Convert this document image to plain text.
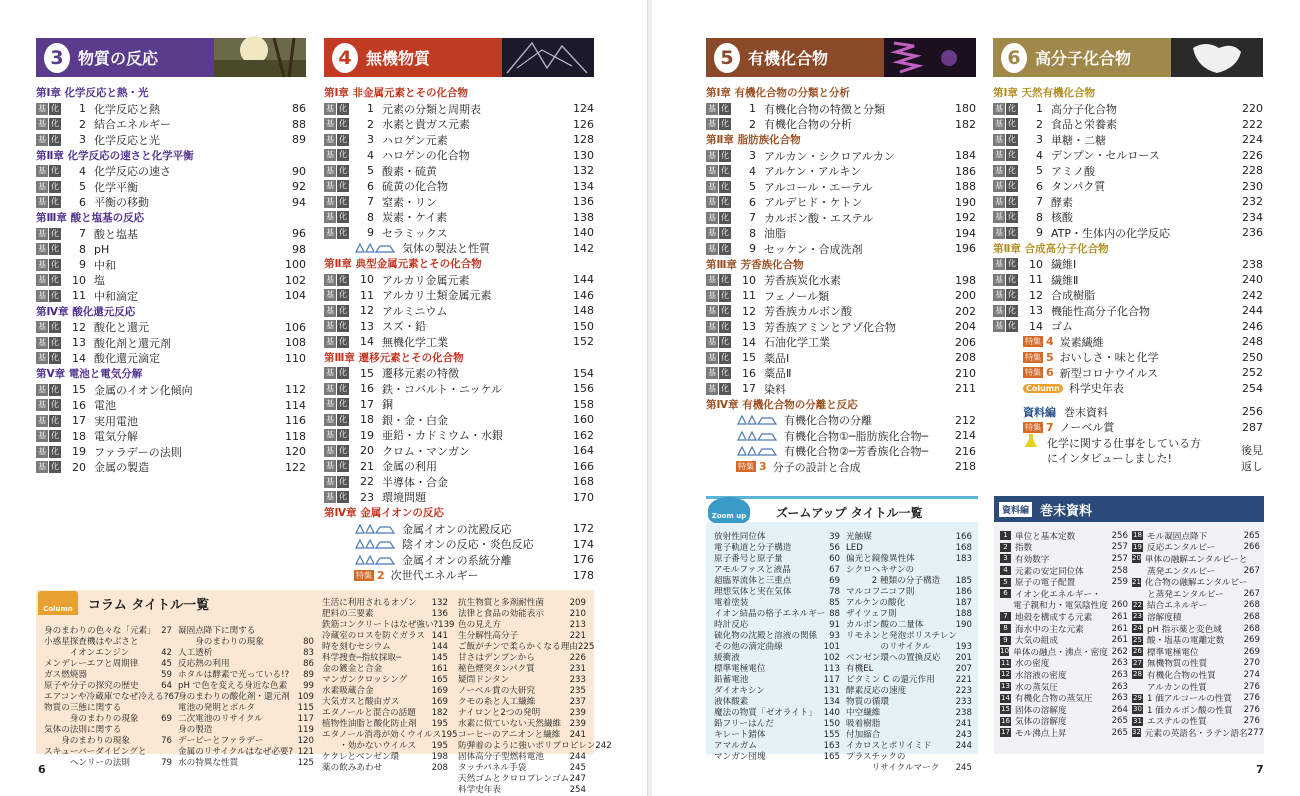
3 物質の反応
第Ⅰ章 化学反応と熱・光
基 化	1 化学反応と熱	86
基 化	2 結合エネルギー	88
基 化	3 化学反応と光	89
第Ⅱ章 化学反応の速さと化学平衡
基 化	4 化学反応の速さ	90
基 化	5 化学平衡	92
基 化	6 平衡の移動	94
第Ⅲ章 酸と塩基の反応
基 化	7 酸と塩基	96
基 化	8 pH	98
基 化	9 中和	100
基 化	10 塩	102
基 化	11 中和滴定	104
第Ⅳ章 酸化還元反応
基 化	12 酸化と還元	106
基 化	13 酸化剤と還元剤	108
基 化	14 酸化還元滴定	110
第Ⅴ章 電池と電気分解
基 化	15 金属のイオン化傾向	112
基 化	16 電池	114
基 化	17 実用電池	116
基 化	18 電気分解	118
基 化	19 ファラデーの法則	120
基 化	20 金属の製造	122
4 無機物質
第Ⅰ章 非金属元素とその化合物
基 化	1 元素の分類と周期表	124
基 化	2 水素と貴ガス元素	126
基 化	3 ハロゲン元素	128
基 化	4 ハロゲンの化合物	130
基 化	5 酸素・硫黄	132
基 化	6 硫黄の化合物	134
基 化	7 窒素・リン	136
基 化	8 炭素・ケイ素	138
基 化	9 セラミックス	140
気体の製法と性質	142
第Ⅱ章 典型金属元素とその化合物
基 化	10 アルカリ金属元素	144
基 化	11 アルカリ土類金属元素	146
基 化	12 アルミニウム	148
基 化	13 スズ・鉛	150
基 化	14 無機化学工業	152
第Ⅲ章 遷移元素とその化合物
基 化	15 遷移元素の特徴	154
基 化	16 鉄・コバルト・ニッケル	156
基 化	17 銅	158
基 化	18 銀・金・白金	160
基 化	19 亜鉛・カドミウム・水銀	162
基 化	20 クロム・マンガン	164
基 化	21 金属の利用	166
基 化	22 半導体・合金	168
基 化	23 環境問題	170
第Ⅳ章 金属イオンの反応
金属イオンの沈殿反応	172
陰イオンの反応・炎色反応	174
金属イオンの系統分離	176
特集 2 次世代エネルギー	178
5 有機化合物
第Ⅰ章 有機化合物の分類と分析
基 化	1 有機化合物の特徴と分類	180
基 化	2 有機化合物の分析	182
第Ⅱ章 脂肪族化合物
基 化	3 アルカン・シクロアルカン	184
基 化	4 アルケン・アルキン	186
基 化	5 アルコール・エーテル	188
基 化	6 アルデヒド・ケトン	190
基 化	7 カルボン酸・エステル	192
基 化	8 油脂	194
基 化	9 セッケン・合成洗剤	196
第Ⅲ章 芳香族化合物
基 化	10 芳香族炭化水素	198
基 化	11 フェノール類	200
基 化	12 芳香族カルボン酸	202
基 化	13 芳香族アミンとアゾ化合物	204
基 化	14 石油化学工業	206
基 化	15 薬品Ⅰ	208
基 化	16 薬品Ⅱ	210
基 化	17 染料	211
第Ⅳ章 有機化合物の分離と反応
有機化合物の分離	212
有機化合物①─脂肪族化合物─	214
有機化合物②─芳香族化合物─	216
特集 3 分子の設計と合成	218
6 高分子化合物
第Ⅰ章 天然有機化合物
基 化	1 高分子化合物	220
基 化	2 食品と栄養素	222
基 化	3 単糖・二糖	224
基 化	4 デンプン・セルロース	226
基 化	5 アミノ酸	228
基 化	6 タンパク質	230
基 化	7 酵素	232
基 化	8 核酸	234
基 化	9 ATP・生体内の化学反応	236
第Ⅱ章 合成高分子化合物
基 化	10 繊維Ⅰ	238
基 化	11 繊維Ⅱ	240
基 化	12 合成樹脂	242
基 化	13 機能性高分子化合物	244
基 化	14 ゴム	246
特集 4 炭素繊維	248
特集 5 おいしさ・味と化学	250
特集 6 新型コロナウイルス	252
Column 科学史年表	254
資料編 巻末資料	256
特集 7 ノーベル賞	287
化学に関する仕事をしている方
にインタビューしました!
後見返し
Column	コラム タイトル一覧
身のまわりの色々な「元素」 27
小惑星探査機はやぶさと
　　　イオンエンジン	42
メンデレーエフと周期律	45
ガス燃焼器	59
原子や分子の探究の歴史	64
エアコンや冷蔵庫でなぜ冷える? 67
物質の三態に関する
　　　身のまわりの現象	69
気体の法則に関する
　　身のまわりの現象	76
スキューバーダイビングと
　　　ヘンリーの法則	79
凝固点降下に関する
　　身のまわりの現象	80
人工透析	83
反応熱の利用	86
ホタルは酵素で光っている!?	89
pH で色を変える身近な色素	99
身のまわりの酸化剤・還元剤 109
電池の発明とボルタ	115
二次電池のリサイクル	117
身の製造	119
デービーとファラデー	120
金属のリサイクルはなぜ必要? 121
水の特異な性質	125
生活に利用されるオゾン	132
肥料の三要素	136
鉄筋コンクリートはなぜ強い? 139
冷蔵室のロスを防ぐガラス 141
時を刻むセシウム	144
科学捜査─指紋採取─	145
金の鍍金と合金	161
マンガンクロッシング	165
水素吸蔵合金	169
大気ガスと酸由ガス	169
エタノールと混合の話題	182
植物性油脂と酸化防止剤	195
エタノール消毒が効くウイルス 195
　　・効かないウイルス	195
ケクレとベンゼン環	198
薬の飲みあわせ	208
抗生物質と多剤耐性菌	209
法律と食品の効能表示	210
色の見え方	213
生分解性高分子	221
ご飯がチンで柔らかくなる理由 225
甘さはデンプンから	226
秘色煙突タンパク質	231
疑問ドンタン	233
ノーベル賞の大研究	235
クモの糸と人工繊維	237
ナイロンと2つの発明	239
水素に似ていない天然繊維 239
コーヒーのアニオンと繊維	241
防弾着のように強いポリプロピレン 242
固体高分子型燃料電池	244
タッチパネル手袋	245
天然ゴムとクロロプレンゴム 247
科学史年表	254
Zoom up	ズームアップ タイトル一覧
放射性同位体	39
電子軌道と分子構造	56
原子番号と原子量	60
アモルファスと液晶	67
超臨界流体と三重点	69
理想気体と実在気体	78
電着塗装	85
イオン結晶の格子エネルギー 88
時計反応	91
硫化物の沈殿と溶液の関係	93
その他の滴定曲線	101
緩衝液	102
標準電極電位	113
鉛蓄電池	117
ダイオキシン	131
液体酸素	134
魔法の物質「ゼオライト」 140
鉛フリーはんだ	150
キレート錯体	155
アマルガム	163
マンガン団塊	165
光触媒	166
LED	168
偏光と鏡像異性体	183
シクロヘキサンの
　　　2 種類の分子構造	185
マルコフニコフ則	186
アルケンの酸化	187
ザイツェフ則	188
カルボン酸の二量体	190
リモネンと発泡ポリスチレン
　　　　のリサイクル	193
ベンゼン環への置換反応	201
有機EL	207
ビタミン C の還元作用	221
酵素反応の速度	223
物質の循環	233
中空繊維	238
吸着樹脂	241
付加縮合	243
イカロスとポリイミド	244
プラスチックの
　　　リサイクルマーク	245
資料編 巻末資料
1 単位と基本定数	256
2 指数	257
3 有効数字	257
4 元素の安定同位体	258
5 原子の電子配置	259
6 イオン化エネルギー・
電子親和力・電気陰性度 260
7 地殻を構成する元素	261
8 海水中の主な元素	261
9 大気の組成	261
10 単体の融点・沸点・密度 262
11 水の密度	263
12 水溶液の密度	263
13 水の蒸気圧	263
14 有機化合物の蒸気圧	263
15 固体の溶解度	264
16 気体の溶解度	265
17 モル沸点上昇	265
18 モル凝固点降下	265
19 反応エンタルピー	266
20 単体の融解エンタルピーと
蒸発エンタルピー	267
21 化合物の融解エンタルピー
と蒸発エンタルピー	267
22 結合エネルギー	268
23 溶解度積	268
24 pH 指示薬と変色域	268
25 酸・塩基の電離定数	269
26 標準電極電位	269
27 無機物質の性質	270
28 有機化合物の性質	274
アルカンの性質	276
29 1 価アルコールの性質	276
30 1 価カルボン酸の性質	276
31 エステルの性質	276
32 元素の英語名・ラテン語名 277
6	7
